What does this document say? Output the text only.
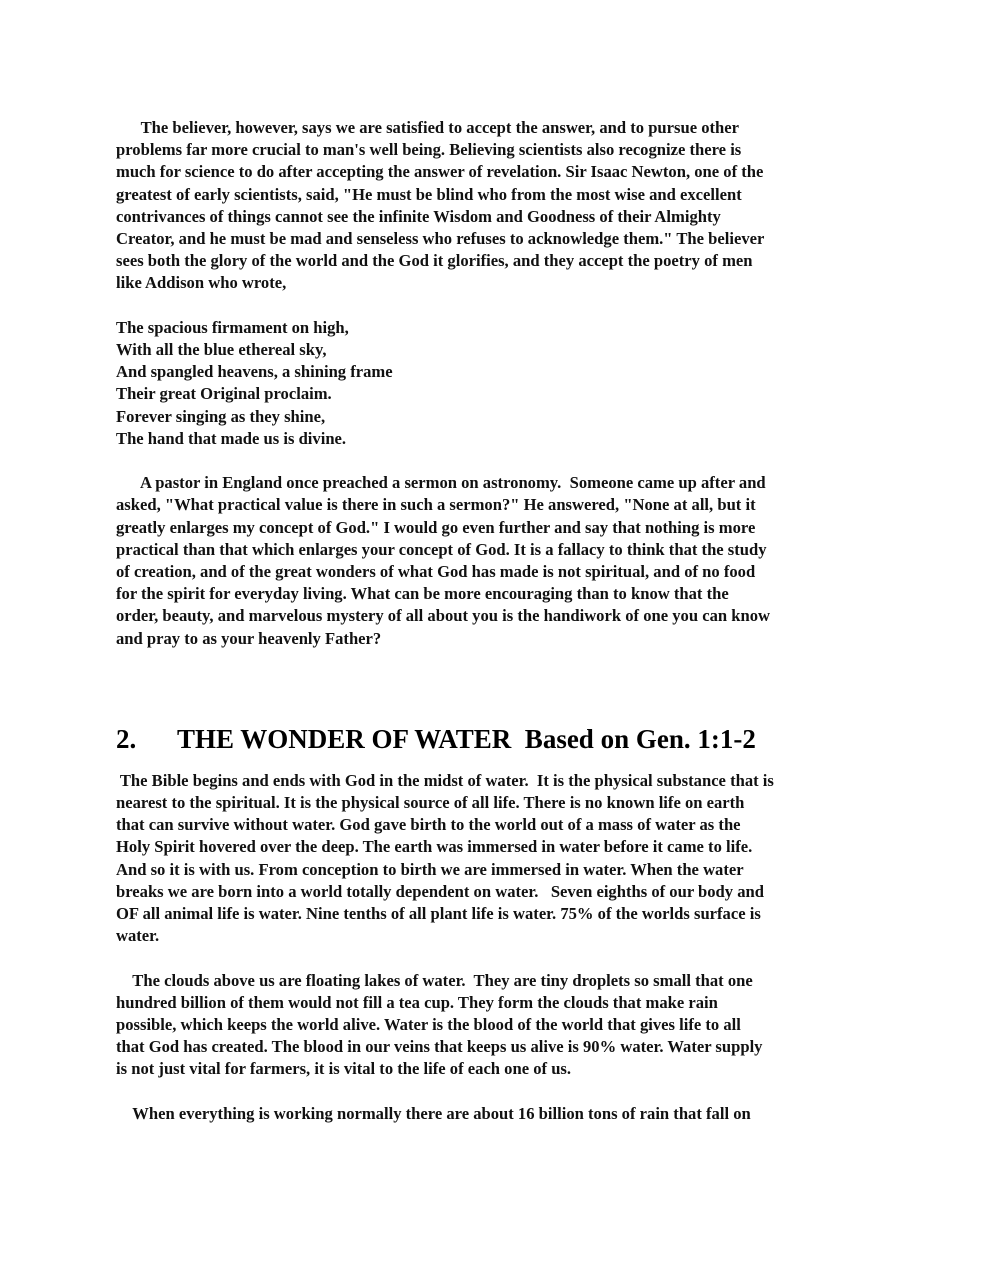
The believer, however, says we are satisfied to accept the answer, and to pursue other
problems far more crucial to man's well being. Believing scientists also recognize there is
much for science to do after accepting the answer of revelation. Sir Isaac Newton, one of the
greatest of early scientists, said, "He must be blind who from the most wise and excellent
contrivances of things cannot see the infinite Wisdom and Goodness of their Almighty
Creator, and he must be mad and senseless who refuses to acknowledge them." The believer
sees both the glory of the world and the God it glorifies, and they accept the poetry of men
like Addison who wrote,
The spacious firmament on high,
With all the blue ethereal sky,
And spangled heavens, a shining frame
Their great Original proclaim.
Forever singing as they shine,
The hand that made us is divine.
A pastor in England once preached a sermon on astronomy.  Someone came up after and
asked, "What practical value is there in such a sermon?" He answered, "None at all, but it
greatly enlarges my concept of God." I would go even further and say that nothing is more
practical than that which enlarges your concept of God. It is a fallacy to think that the study
of creation, and of the great wonders of what God has made is not spiritual, and of no food
for the spirit for everyday living. What can be more encouraging than to know that the
order, beauty, and marvelous mystery of all about you is the handiwork of one you can know
and pray to as your heavenly Father?
2. THE WONDER OF WATER  Based on Gen. 1:1-2
The Bible begins and ends with God in the midst of water.  It is the physical substance that is
nearest to the spiritual. It is the physical source of all life. There is no known life on earth
that can survive without water. God gave birth to the world out of a mass of water as the
Holy Spirit hovered over the deep. The earth was immersed in water before it came to life.
And so it is with us. From conception to birth we are immersed in water. When the water
breaks we are born into a world totally dependent on water.   Seven eighths of our body and
OF all animal life is water. Nine tenths of all plant life is water. 75% of the worlds surface is
water.
The clouds above us are floating lakes of water.  They are tiny droplets so small that one
hundred billion of them would not fill a tea cup. They form the clouds that make rain
possible, which keeps the world alive. Water is the blood of the world that gives life to all
that God has created. The blood in our veins that keeps us alive is 90% water. Water supply
is not just vital for farmers, it is vital to the life of each one of us.
When everything is working normally there are about 16 billion tons of rain that fall on
